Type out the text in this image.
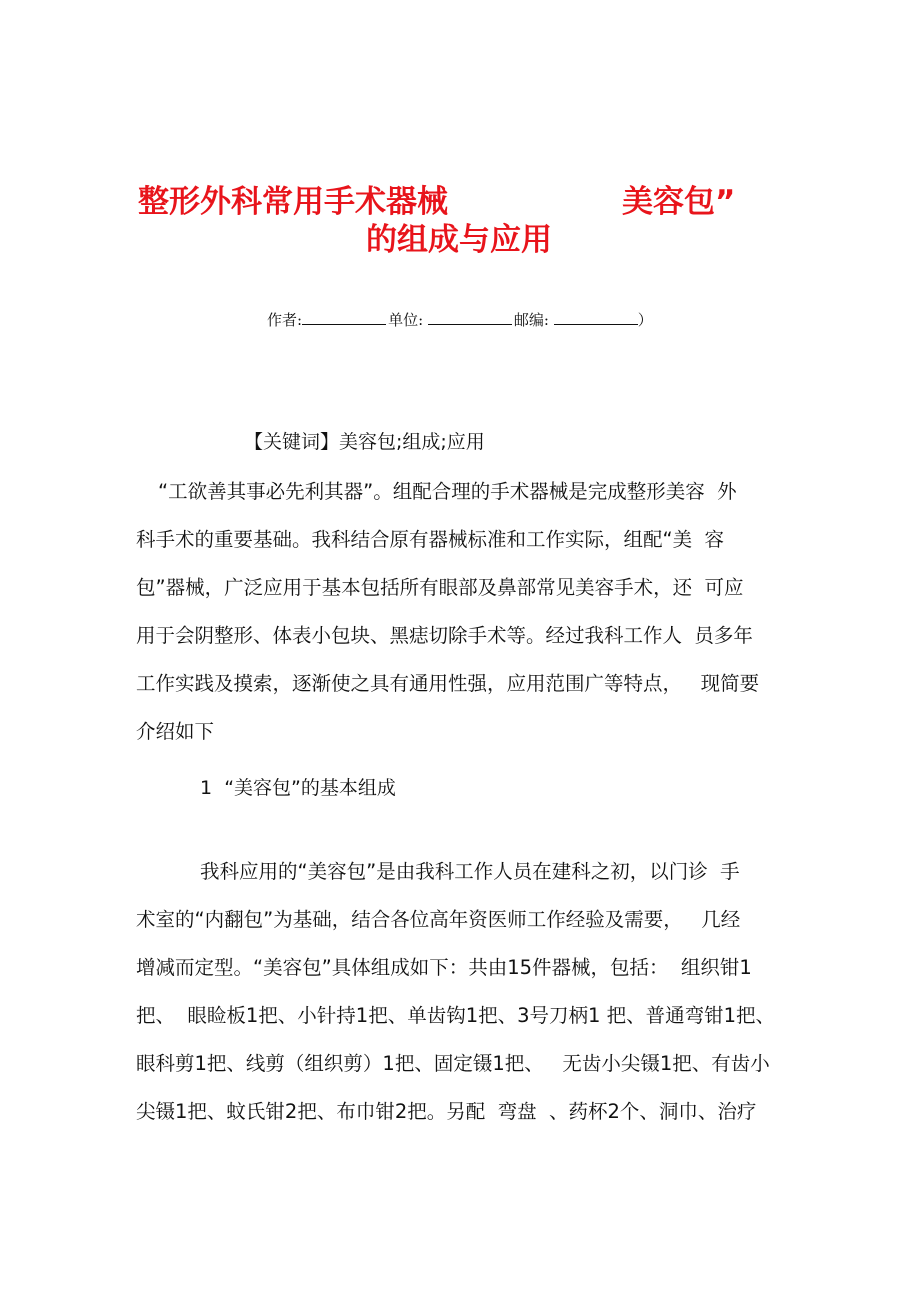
整形外科常用手术器械	美容包”
的组成与应用
作者:	单位:	邮编:	）
【关键词】美容包;组成;应用
“工欲善其事必先利其器”。组配合理的手术器械是完成整形美容  外
科手术的重要基础。我科结合原有器械标准和工作实际，组配“美  容
包”器械，广泛应用于基本包括所有眼部及鼻部常见美容手术，还  可应
用于会阴整形、体表小包块、黑痣切除手术等。经过我科工作人  员多年
工作实践及摸索，逐渐使之具有通用性强，应用范围广等特点，   现简要
介绍如下
1 “美容包”的基本组成
我科应用的“美容包”是由我科工作人员在建科之初，以门诊  手
术室的“内翻包”为基础，结合各位高年资医师工作经验及需要，   几经
增减而定型。“美容包”具体组成如下：共由15件器械，包括：  组织钳1
把、  眼睑板1把、小针持1把、单齿钩1把、3号刀柄1 把、普通弯钳1把、
眼科剪1把、线剪（组织剪）1把、固定镊1把、   无齿小尖镊1把、有齿小
尖镊1把、蚊氏钳2把、布巾钳2把。另配  弯盘  、药杯2个、洞巾、治疗
